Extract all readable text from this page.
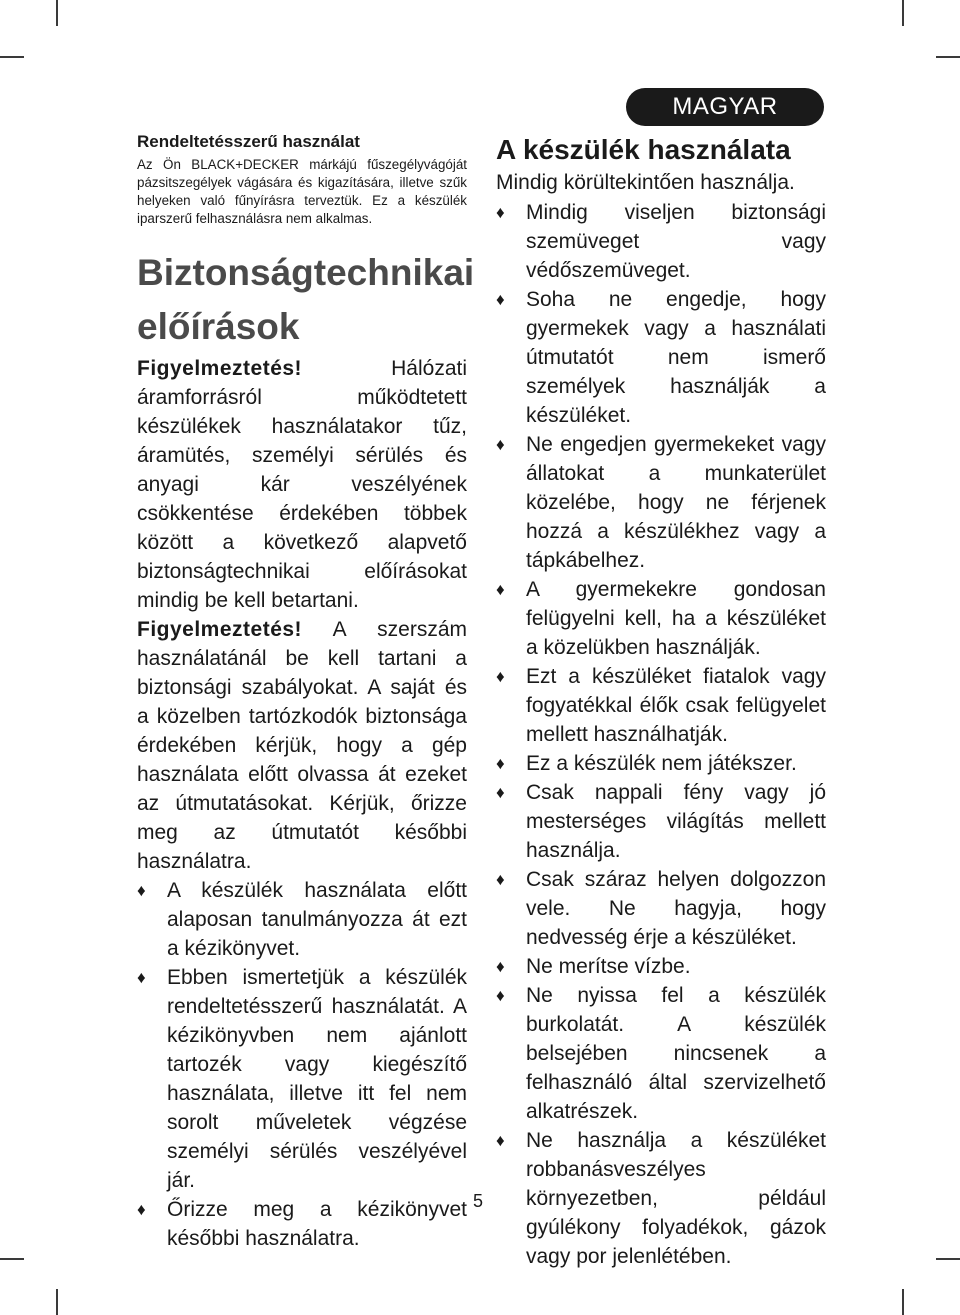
MAGYAR

Rendeltetésszerű használat

Az Ön BLACK+DECKER márkájú fűszegélyvágóját pázsitszegélyek vágására és kigazítására, illetve szűk helyeken való fűnyírásra terveztük. Ez a készülék iparszerű felhasználásra nem alkalmas.

Biztonságtechnikai előírások

Figyelmeztetés! Hálózati áramforrásról működtetett készülékek használatakor tűz, áramütés, személyi sérülés és anyagi kár veszélyének csökkentése érdekében többek között a következő alapvető biztonságtechnikai előírásokat mindig be kell betartani.

Figyelmeztetés! A szerszám használatánál be kell tartani a biztonsági szabályokat. A saját és a közelben tartózkodók biztonsága érdekében kérjük, hogy a gép használata előtt olvassa át ezeket az útmutatásokat. Kérjük, őrizze meg az útmutatót későbbi használatra.

♦ A készülék használata előtt alaposan tanulmányozza át ezt a kézikönyvet.
♦ Ebben ismertetjük a készülék rendeltetésszerű használatát. A kézikönyvben nem ajánlott tartozék vagy kiegészítő használata, illetve itt fel nem sorolt műveletek végzése személyi sérülés veszélyével jár.
♦ Őrizze meg a kézikönyvet későbbi használatra.
A készülék használata

Mindig körültekintően használja.

♦ Mindig viseljen biztonsági szemüveget vagy védőszemüveget.
♦ Soha ne engedje, hogy gyermekek vagy a használati útmutatót nem ismerő személyek használják a készüléket.
♦ Ne engedjen gyermekeket vagy állatokat a munkaterület közelébe, hogy ne férjenek hozzá a készülékhez vagy a tápkábelhez.
♦ A gyermekekre gondosan felügyelni kell, ha a készüléket a közelükben használják.
♦ Ezt a készüléket fiatalok vagy fogyatékkal élők csak felügyelet mellett használhatják.
♦ Ez a készülék nem játékszer.
♦ Csak nappali fény vagy jó mesterséges világítás mellett használja.
♦ Csak száraz helyen dolgozzon vele. Ne hagyja, hogy nedvesség érje a készüléket.
♦ Ne merítse vízbe.
♦ Ne nyissa fel a készülék burkolatát. A készülék belsejében nincsenek a felhasználó által szervizelhető alkatrészek.
♦ Ne használja a készüléket robbanásveszélyes környezetben, például gyúlékony folyadékok, gázok vagy por jelenlétében.
5
